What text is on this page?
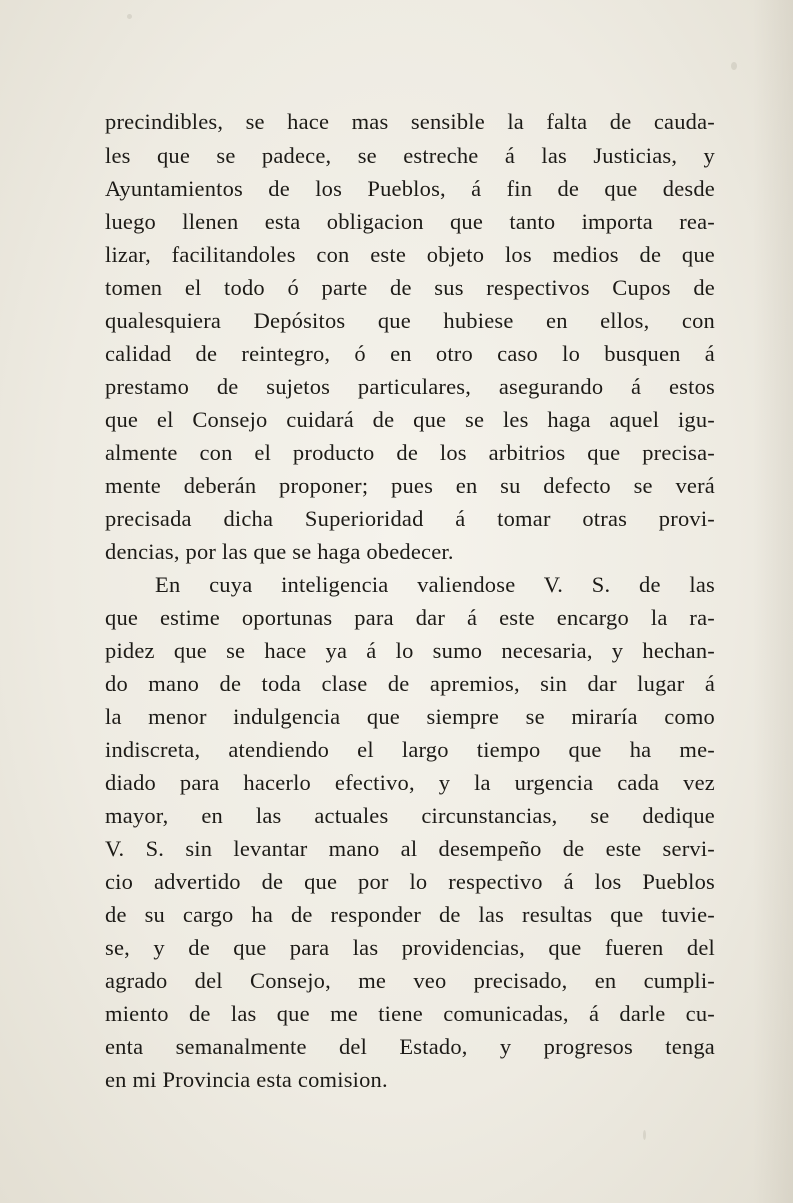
precindibles, se hace mas sensible la falta de cauda-
les que se padece, se estreche á las Justicias, y
Ayuntamientos de los Pueblos, á fin de que desde
luego llenen esta obligacion que tanto importa rea-
lizar, facilitandoles con este objeto los medios de que
tomen el todo ó parte de sus respectivos Cupos de
qualesquiera Depósitos que hubiese en ellos, con
calidad de reintegro, ó en otro caso lo busquen á
prestamo de sujetos particulares, asegurando á estos
que el Consejo cuidará de que se les haga aquel igu-
almente con el producto de los arbitrios que precisa-
mente deberán proponer; pues en su defecto se verá
precisada dicha Superioridad á tomar otras provi-
dencias, por las que se haga obedecer.
En cuya inteligencia valiendose V. S. de las
que estime oportunas para dar á este encargo la ra-
pidez que se hace ya á lo sumo necesaria, y hechan-
do mano de toda clase de apremios, sin dar lugar á
la menor indulgencia que siempre se miraría como
indiscreta, atendiendo el largo tiempo que ha me-
diado para hacerlo efectivo, y la urgencia cada vez
mayor, en las actuales circunstancias, se dedique
V. S. sin levantar mano al desempeño de este servi-
cio advertido de que por lo respectivo á los Pueblos
de su cargo ha de responder de las resultas que tuvie-
se, y de que para las providencias, que fueren del
agrado del Consejo, me veo precisado, en cumpli-
miento de las que me tiene comunicadas, á darle cu-
enta semanalmente del Estado, y progresos tenga
en mi Provincia esta comision.
